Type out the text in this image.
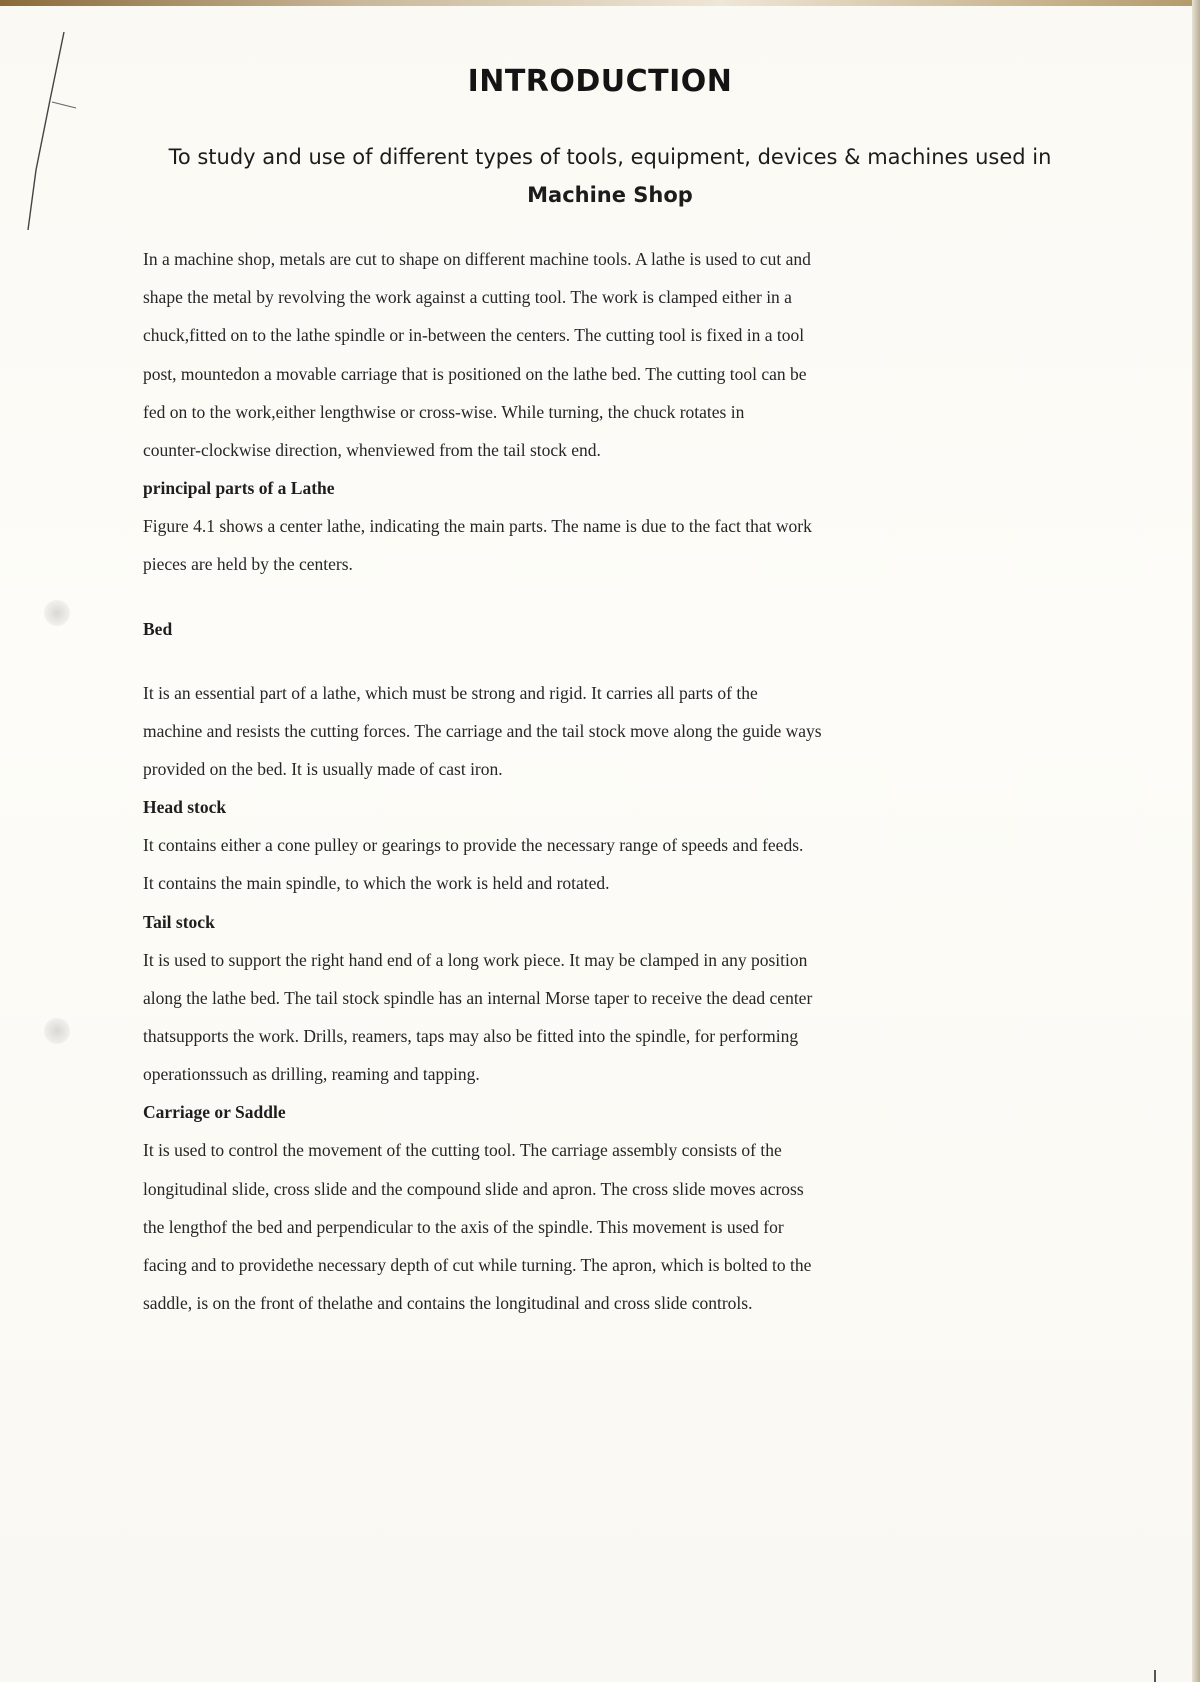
INTRODUCTION
To study and use of different types of tools, equipment, devices & machines used in
Machine Shop

In a machine shop, metals are cut to shape on different machine tools. A lathe is used to cut and

shape the metal by revolving the work against a cutting tool. The work is clamped either in a

chuck,fitted on to the lathe spindle or in-between the centers. The cutting tool is fixed in a tool

post, mountedon a movable carriage that is positioned on the lathe bed. The cutting tool can be

fed on to the work,either lengthwise or cross-wise. While turning, the chuck rotates in

counter-clockwise direction, whenviewed from the tail stock end.

principal parts of a Lathe

Figure 4.1 shows a center lathe, indicating the main parts. The name is due to the fact that work

pieces are held by the centers.

Bed

It is an essential part of a lathe, which must be strong and rigid. It carries all parts of the

machine and resists the cutting forces. The carriage and the tail stock move along the guide ways

provided on the bed. It is usually made of cast iron.

Head stock

It contains either a cone pulley or gearings to provide the necessary range of speeds and feeds.

It contains the main spindle, to which the work is held and rotated.

Tail stock

It is used to support the right hand end of a long work piece. It may be clamped in any position

along the lathe bed. The tail stock spindle has an internal Morse taper to receive the dead center

thatsupports the work. Drills, reamers, taps may also be fitted into the spindle, for performing

operationssuch as drilling, reaming and tapping.

Carriage or Saddle

It is used to control the movement of the cutting tool. The carriage assembly consists of the

longitudinal slide, cross slide and the compound slide and apron. The cross slide moves across

the lengthof the bed and perpendicular to the axis of the spindle. This movement is used for

facing and to providethe necessary depth of cut while turning. The apron, which is bolted to the

saddle, is on the front of thelathe and contains the longitudinal and cross slide controls.
